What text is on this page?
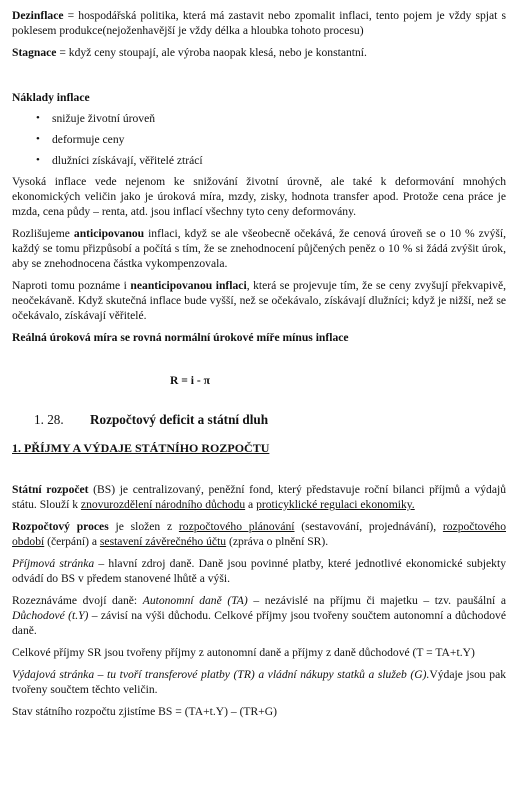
Dezinflace = hospodářská politika, která má zastavit nebo zpomalit inflaci, tento pojem je vždy spjat s poklesem produkce(nejoženhavější je vždy délka a hloubka tohoto procesu)

Stagnace = když ceny stoupají, ale výroba naopak klesá, nebo je konstantní.

Náklady inflace

• snižuje životní úroveň
• deformuje ceny
• dlužníci získávají, věřitelé ztrácí

Vysoká inflace vede nejenom ke snižování životní úrovně, ale také k deformování mnohých ekonomických veličin jako je úroková míra, mzdy, zisky, hodnota transfer apod. Protože cena práce je mzda, cena půdy – renta, atd. jsou inflací všechny tyto ceny deformovány.

Rozlišujeme anticipovanou inflaci, když se ale všeobecně očekává, že cenová úroveň se o 10 % zvýší, každý se tomu přizpůsobí a počítá s tím, že se znehodnocení půjčených peněz o 10 % si žádá zvýšit úrok, aby se znehodnocena částka vykompenzovala.

Naproti tomu poznáme i neanticipovanou inflaci, která se projevuje tím, že se ceny zvyšují překvapivě, neočekávaně. Když skutečná inflace bude vyšší, než se očekávalo, získávají dlužníci; když je nižší, než se očekávalo, získávají věřitelé.

Reálná úroková míra se rovná normální úrokové míře mínus inflace

R = i - π

1. 28. Rozpočtový deficit a státní dluh

1. PŘÍJMY A VÝDAJE STÁTNÍHO ROZPOČTU

Státní rozpočet (BS) je centralizovaný, peněžní fond, který představuje roční bilanci příjmů a výdajů státu. Slouží k znovurozdělení národního důchodu a proticyklické regulaci ekonomiky.

Rozpočtový proces je složen z rozpočtového plánování (sestavování, projednávání), rozpočtového období (čerpání) a sestavení závěrečného účtu (zpráva o plnění SR).

Příjmová stránka – hlavní zdroj daně. Daně jsou povinné platby, které jednotlivé ekonomické subjekty odvádí do BS v předem stanovené lhůtě a výši.

Rozeznáváme dvojí daně: Autonomní daně (TA) – nezávislé na příjmu či majetku – tzv. paušální a Důchodové (t.Y) – závisí na výši důchodu. Celkové příjmy jsou tvořeny součtem autonomní a důchodové daně.

Celkové příjmy SR jsou tvořeny příjmy z autonomní daně a příjmy z daně důchodové (T = TA+t.Y)

Výdajová stránka – tu tvoří transferové platby (TR) a vládní nákupy statků a služeb (G).Výdaje jsou pak tvořeny součtem těchto veličin.

Stav státního rozpočtu zjistíme BS = (TA+t.Y) – (TR+G)
